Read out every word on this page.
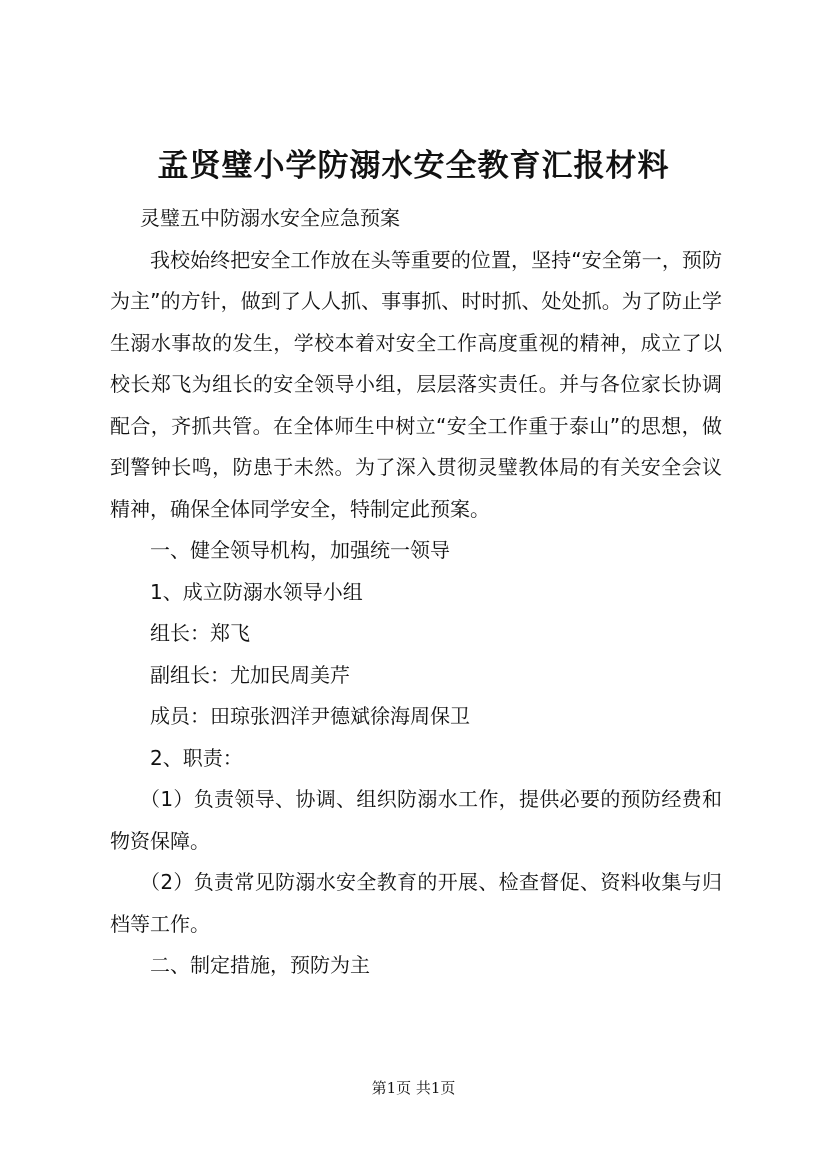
孟贤璧小学防溺水安全教育汇报材料

灵璧五中防溺水安全应急预案

我校始终把安全工作放在头等重要的位置，坚持“安全第一，预防为主”的方针，做到了人人抓、事事抓、时时抓、处处抓。为了防止学生溺水事故的发生，学校本着对安全工作高度重视的精神，成立了以校长郑飞为组长的安全领导小组，层层落实责任。并与各位家长协调配合，齐抓共管。在全体师生中树立“安全工作重于泰山”的思想，做到警钟长鸣，防患于未然。为了深入贯彻灵璧教体局的有关安全会议精神，确保全体同学安全，特制定此预案。

一、健全领导机构，加强统一领导

1、成立防溺水领导小组

组长：郑飞

副组长：尤加民周美芹

成员：田琼张泗洋尹德斌徐海周保卫

2、职责：

（1）负责领导、协调、组织防溺水工作，提供必要的预防经费和物资保障。

（2）负责常见防溺水安全教育的开展、检查督促、资料收集与归档等工作。

二、制定措施，预防为主

第1页 共1页
